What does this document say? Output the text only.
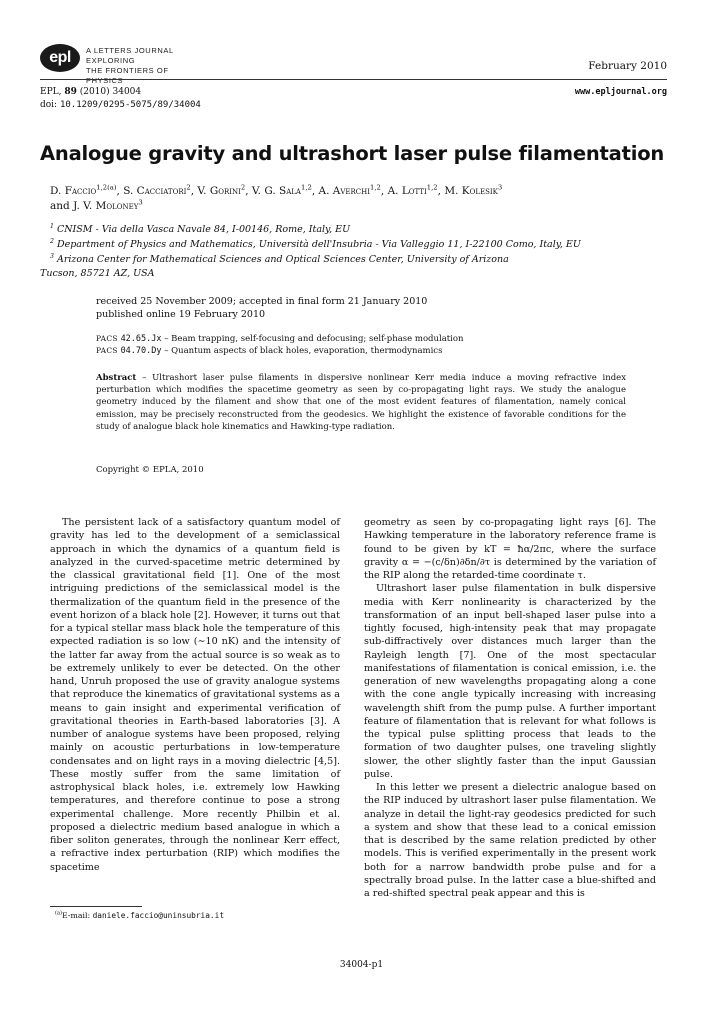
epl	A LETTERS JOURNAL EXPLORING
THE FRONTIERS OF PHYSICS
February 2010
EPL, 89 (2010) 34004
doi: 10.1209/0295-5075/89/34004
www.epljournal.org
Analogue gravity and ultrashort laser pulse filamentation
D. Faccio$^{1,2(a)}$, S. Cacciatori$^2$, V. Gorini$^2$, V. G. Sala$^{1,2}$, A. Averchi$^{1,2}$, A. Lotti$^{1,2}$, M. Kolesik$^3$
and J. V. Moloney$^3$
$^1$ CNISM - Via della Vasca Navale 84, I-00146, Rome, Italy, EU
$^2$ Department of Physics and Mathematics, Università dell'Insubria - Via Valleggio 11, I-22100 Como, Italy, EU
$^3$ Arizona Center for Mathematical Sciences and Optical Sciences Center, University of Arizona
Tucson, 85721 AZ, USA
received 25 November 2009; accepted in final form 21 January 2010
published online 19 February 2010
PACS 42.65.Jx – Beam trapping, self-focusing and defocusing; self-phase modulation
PACS 04.70.Dy – Quantum aspects of black holes, evaporation, thermodynamics
Abstract – Ultrashort laser pulse filaments in dispersive nonlinear Kerr media induce a moving refractive index perturbation which modifies the spacetime geometry as seen by co-propagating light rays. We study the analogue geometry induced by the filament and show that one of the most evident features of filamentation, namely conical emission, may be precisely reconstructed from the geodesics. We highlight the existence of favorable conditions for the study of analogue black hole kinematics and Hawking-type radiation.
Copyright © EPLA, 2010

The persistent lack of a satisfactory quantum model of gravity has led to the development of a semiclassical approach in which the dynamics of a quantum field is analyzed in the curved-spacetime metric determined by the classical gravitational field [1]. One of the most intriguing predictions of the semiclassical model is the thermalization of the quantum field in the presence of the event horizon of a black hole [2]. However, it turns out that for a typical stellar mass black hole the temperature of this expected radiation is so low (∼10 nK) and the intensity of the latter far away from the actual source is so weak as to be extremely unlikely to ever be detected. On the other hand, Unruh proposed the use of gravity analogue systems that reproduce the kinematics of gravitational systems as a means to gain insight and experimental verification of gravitational theories in Earth-based laboratories [3]. A number of analogue systems have been proposed, relying mainly on acoustic perturbations in low-temperature condensates and on light rays in a moving dielectric [4,5]. These mostly suffer from the same limitation of astrophysical black holes, i.e. extremely low Hawking temperatures, and therefore continue to pose a strong experimental challenge. More recently Philbin et al. proposed a dielectric medium based analogue in which a fiber soliton generates, through the nonlinear Kerr effect, a refractive index perturbation (RIP) which modifies the spacetime

geometry as seen by co-propagating light rays [6]. The Hawking temperature in the laboratory reference frame is found to be given by kT = ħα/2πc, where the surface gravity α = −(c/δn)∂δn/∂τ is determined by the variation of the RIP along the retarded-time coordinate τ.

Ultrashort laser pulse filamentation in bulk dispersive media with Kerr nonlinearity is characterized by the transformation of an input bell-shaped laser pulse into a tightly focused, high-intensity peak that may propagate sub-diffractively over distances much larger than the Rayleigh length [7]. One of the most spectacular manifestations of filamentation is conical emission, i.e. the generation of new wavelengths propagating along a cone with the cone angle typically increasing with increasing wavelength shift from the pump pulse. A further important feature of filamentation that is relevant for what follows is the typical pulse splitting process that leads to the formation of two daughter pulses, one traveling slightly slower, the other slightly faster than the input Gaussian pulse.

In this letter we present a dielectric analogue based on the RIP induced by ultrashort laser pulse filamentation. We analyze in detail the light-ray geodesics predicted for such a system and show that these lead to a conical emission that is described by the same relation predicted by other models. This is verified experimentally in the present work both for a narrow bandwidth probe pulse and for a spectrally broad pulse. In the latter case a blue-shifted and a red-shifted spectral peak appear and this is

$^{(a)}$E-mail: daniele.faccio@uninsubria.it
34004-p1
